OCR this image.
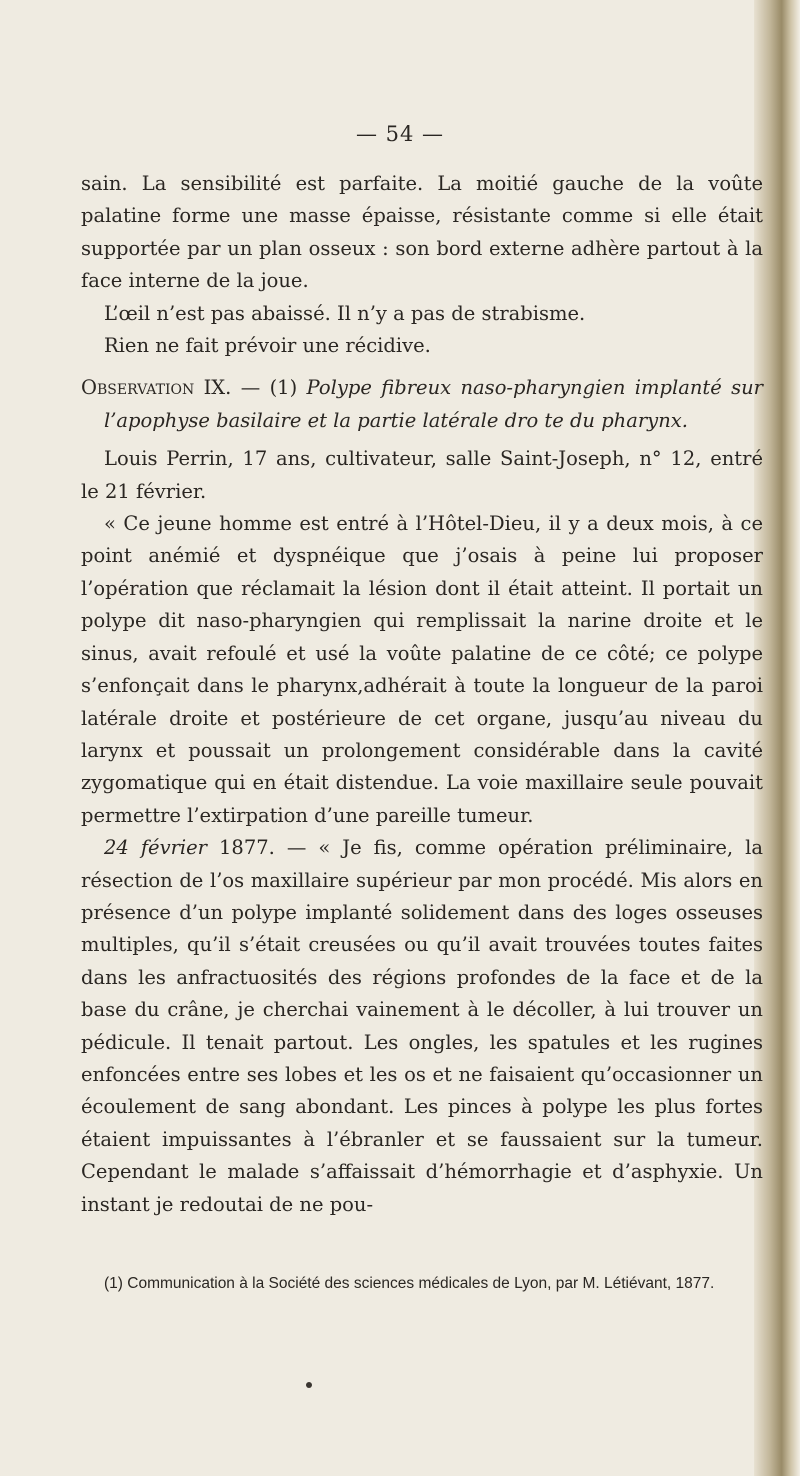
— 54 —

sain. La sensibilité est parfaite. La moitié gauche de la voûte palatine forme une masse épaisse, résistante comme si elle était supportée par un plan osseux : son bord externe adhère partout à la face interne de la joue.

L’œil n’est pas abaissé. Il n’y a pas de strabisme.

Rien ne fait prévoir une récidive.

Observation IX. — (1) Polype fibreux naso-pharyngien implanté sur l’apophyse basilaire et la partie latérale dro te du pharynx.

Louis Perrin, 17 ans, cultivateur, salle Saint-Joseph, n° 12, entré le 21 février.

« Ce jeune homme est entré à l’Hôtel-Dieu, il y a deux mois, à ce point anémié et dyspnéique que j’osais à peine lui proposer l’opération que réclamait la lésion dont il était atteint. Il portait un polype dit naso-pharyngien qui remplissait la narine droite et le sinus, avait refoulé et usé la voûte palatine de ce côté; ce polype s’enfonçait dans le pharynx,adhérait à toute la longueur de la paroi latérale droite et postérieure de cet organe, jusqu’au niveau du larynx et poussait un prolongement considérable dans la cavité zygomatique qui en était distendue. La voie maxillaire seule pouvait permettre l’extirpation d’une pareille tumeur.

24 février 1877. — « Je fis, comme opération préliminaire, la résection de l’os maxillaire supérieur par mon procédé. Mis alors en présence d’un polype implanté solidement dans des loges osseuses multiples, qu’il s’était creusées ou qu’il avait trouvées toutes faites dans les anfractuosités des régions profondes de la face et de la base du crâne, je cherchai vainement à le décoller, à lui trouver un pédicule. Il tenait partout. Les ongles, les spatules et les rugines enfoncées entre ses lobes et les os et ne faisaient qu’occasionner un écoulement de sang abondant. Les pinces à polype les plus fortes étaient impuissantes à l’ébranler et se faussaient sur la tumeur. Cependant le malade s’affaissait d’hémorrhagie et d’asphyxie. Un instant je redoutai de ne pou-

(1) Communication à la Société des sciences médicales de Lyon, par M. Létiévant, 1877.
